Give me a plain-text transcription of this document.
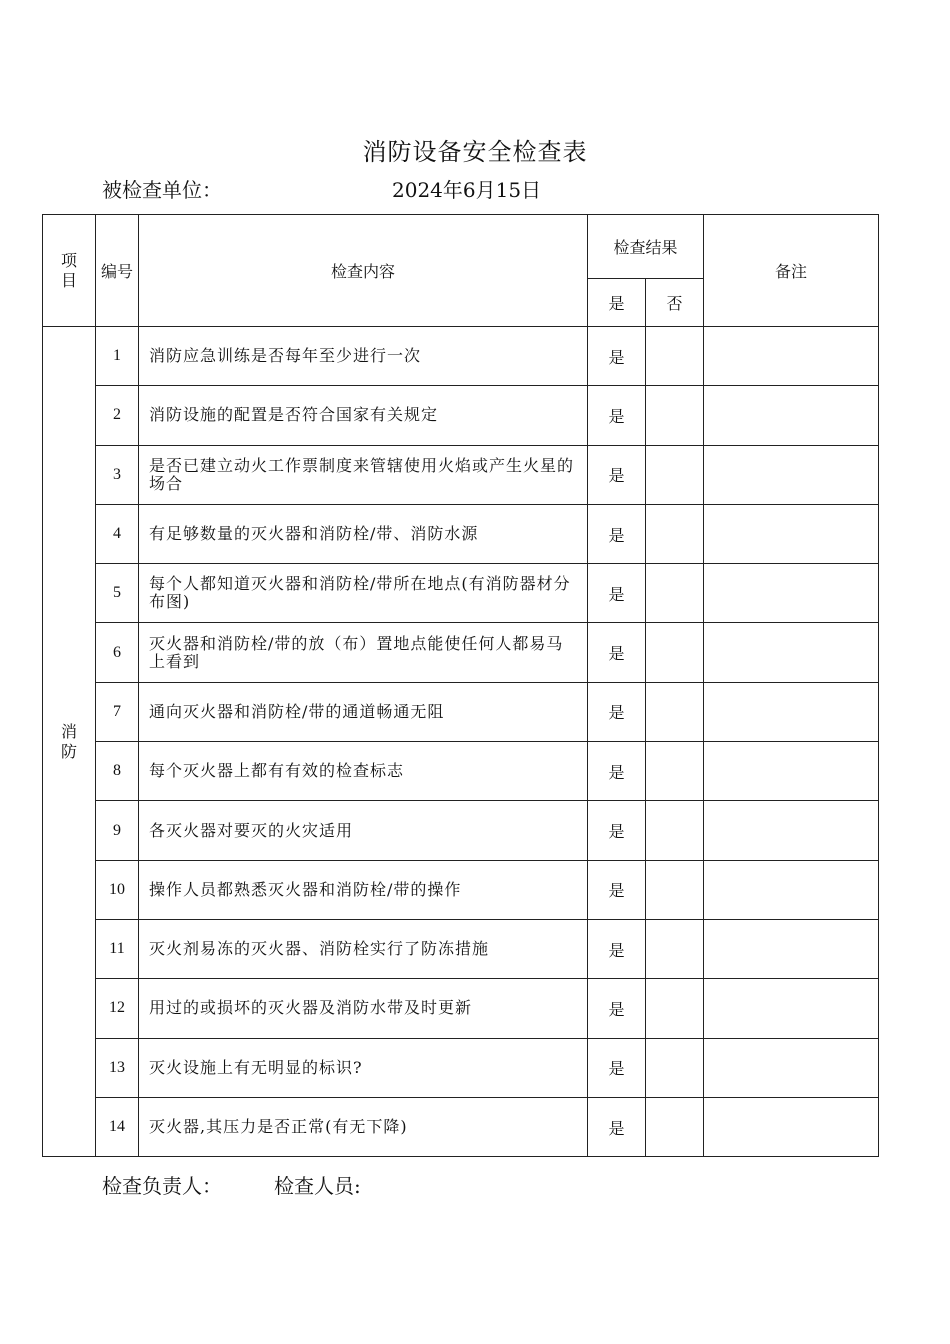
消防设备安全检查表
被检查单位：	2024年6月15日
项
目	编号	检查内容	检查结果		备注
			是	否	
消
防	1	消防应急训练是否每年至少进行一次	是		
	2	消防设施的配置是否符合国家有关规定	是		
	3	是否已建立动火工作票制度来管辖使用火焰或产生火星的场合	是		
	4	有足够数量的灭火器和消防栓/带、消防水源	是		
	5	每个人都知道灭火器和消防栓/带所在地点(有消防器材分布图)	是		
	6	灭火器和消防栓/带的放（布）置地点能使任何人都易马上看到	是		
	7	通向灭火器和消防栓/带的通道畅通无阻	是		
	8	每个灭火器上都有有效的检查标志	是		
	9	各灭火器对要灭的火灾适用	是		
	10	操作人员都熟悉灭火器和消防栓/带的操作	是		
	11	灭火剂易冻的灭火器、消防栓实行了防冻措施	是		
	12	用过的或损坏的灭火器及消防水带及时更新	是		
	13	灭火设施上有无明显的标识?	是		
	14	灭火器,其压力是否正常(有无下降)	是		
检查负责人：	检查人员:
